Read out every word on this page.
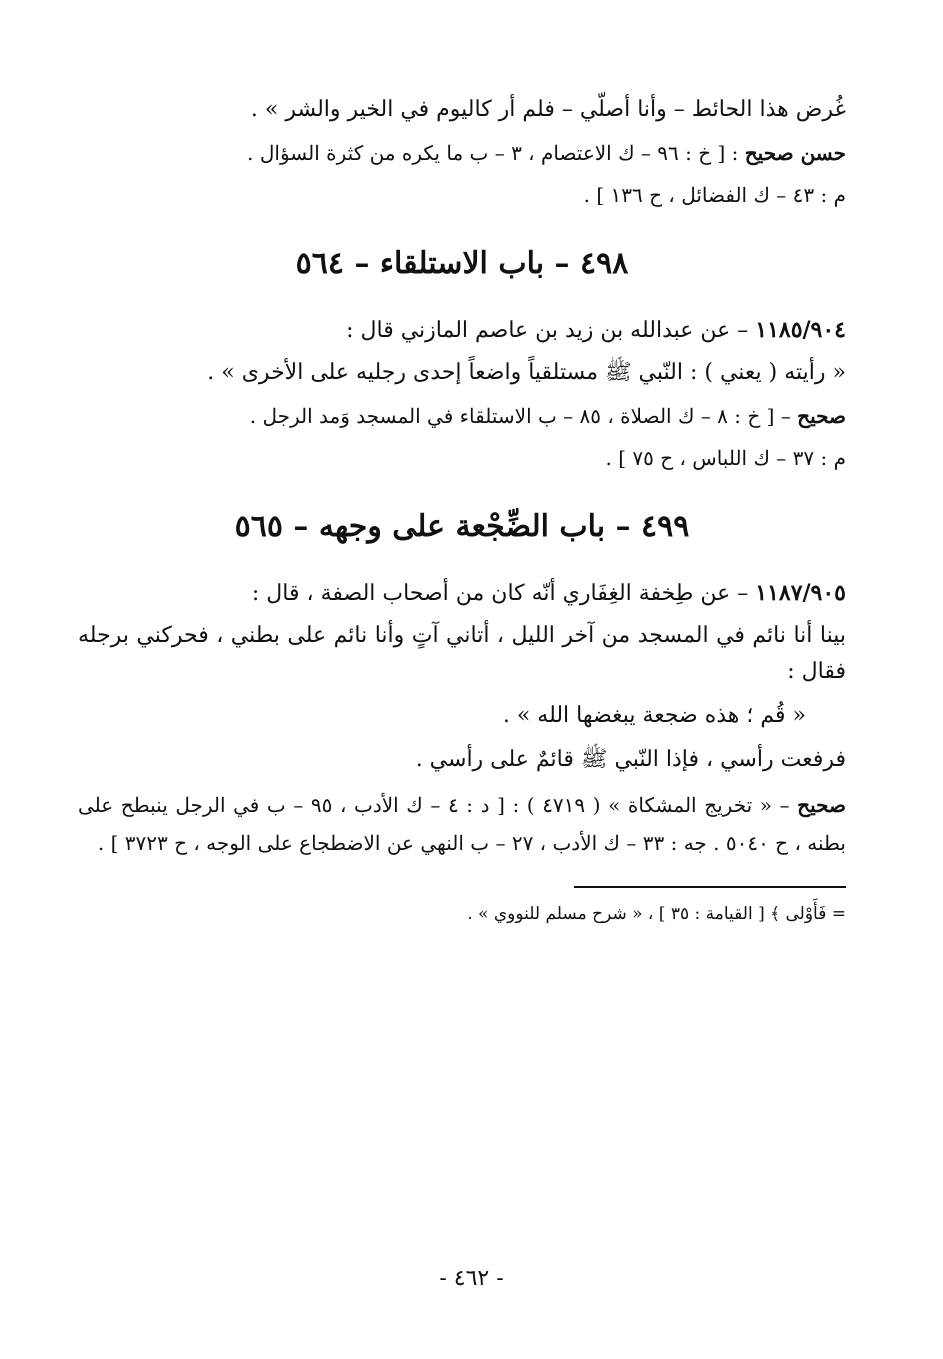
غُرض هذا الحائط – وأنا أصلّي – فلم أر كاليوم في الخير والشر » .
حسن صحيح : [ خ : ٩٦ – ك الاعتصام ، ٣ – ب ما يكره من كثرة السؤال .
م : ٤٣ – ك الفضائل ، ح ١٣٦ ] .
٤٩٨ – باب الاستلقاء – ٥٦٤
١١٨٥/٩٠٤ – عن عبدالله بن زيد بن عاصم المازني قال :
« رأيته ( يعني ) : النّبي ﷺ مستلقياً واضعاً إحدى رجليه على الأخرى » .
صحيح – [ خ : ٨ – ك الصلاة ، ٨٥ – ب الاستلقاء في المسجد وَمد الرجل .
م : ٣٧ – ك اللباس ، ح ٧٥ ] .
٤٩٩ – باب الضِّجْعة على وجهه – ٥٦٥
١١٨٧/٩٠٥ – عن طِخفة الغِفَاري أنّه كان من أصحاب الصفة ، قال :
بينا أنا نائم في المسجد من آخر الليل ، أتاني آتٍ وأنا نائم على بطني ، فحركني برجله فقال :
« قُم ؛ هذه ضجعة يبغضها الله » .
فرفعت رأسي ، فإذا النّبي ﷺ قائمٌ على رأسي .
صحيح – « تخريج المشكاة » ( ٤٧١٩ ) : [ د : ٤ – ك الأدب ، ٩٥ – ب في الرجل ينبطح على بطنه ، ح ٥٠٤٠ . جه : ٣٣ – ك الأدب ، ٢٧ – ب النهي عن الاضطجاع على الوجه ، ح ٣٧٢٣ ] .
= فَأَوْلى ﴾ [ القيامة : ٣٥ ] ، « شرح مسلم للنووي » .
- ٤٦٢ -
